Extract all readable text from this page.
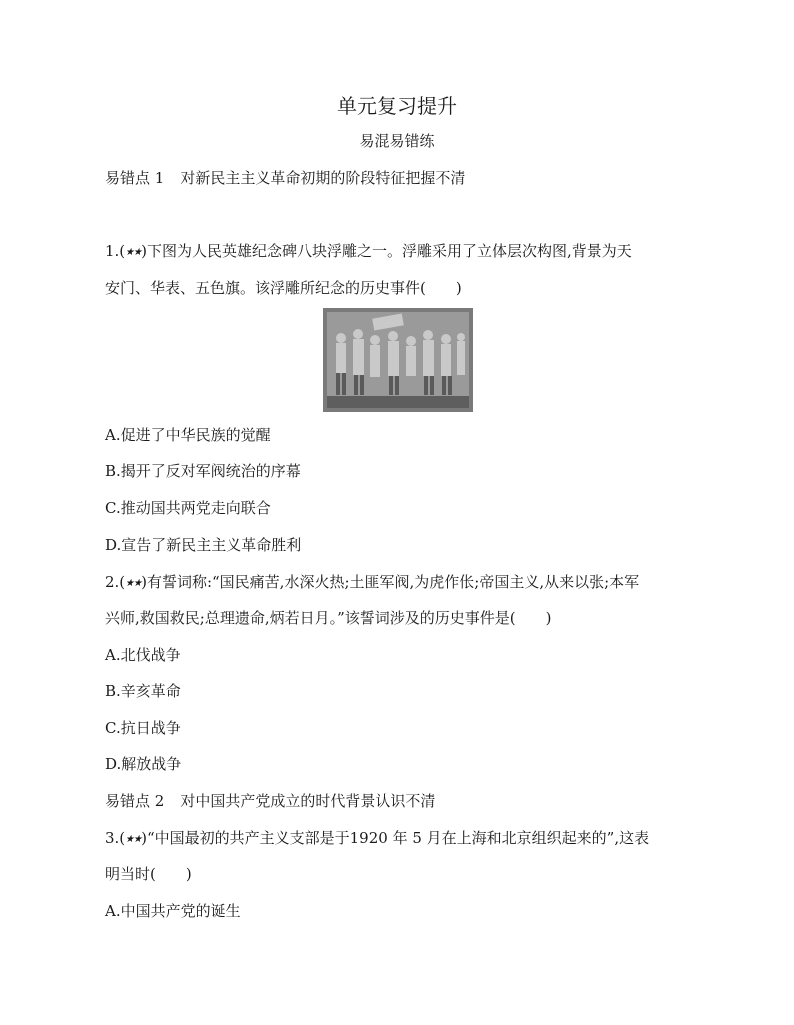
单元复习提升
易混易错练
易错点 1 对新民主主义革命初期的阶段特征把握不清
1.(★★)下图为人民英雄纪念碑八块浮雕之一。浮雕采用了立体层次构图,背景为天
安门、华表、五色旗。该浮雕所纪念的历史事件( )
A.促进了中华民族的觉醒
B.揭开了反对军阀统治的序幕
C.推动国共两党走向联合
D.宣告了新民主主义革命胜利
2.(★★)有誓词称:“国民痛苦,水深火热;土匪军阀,为虎作伥;帝国主义,从来以张;本军
兴师,救国救民;总理遗命,炳若日月。”该誓词涉及的历史事件是( )
A.北伐战争
B.辛亥革命
C.抗日战争
D.解放战争
易错点 2 对中国共产党成立的时代背景认识不清
3.(★★)“中国最初的共产主义支部是于1920 年 5 月在上海和北京组织起来的”,这表
明当时( )
A.中国共产党的诞生
